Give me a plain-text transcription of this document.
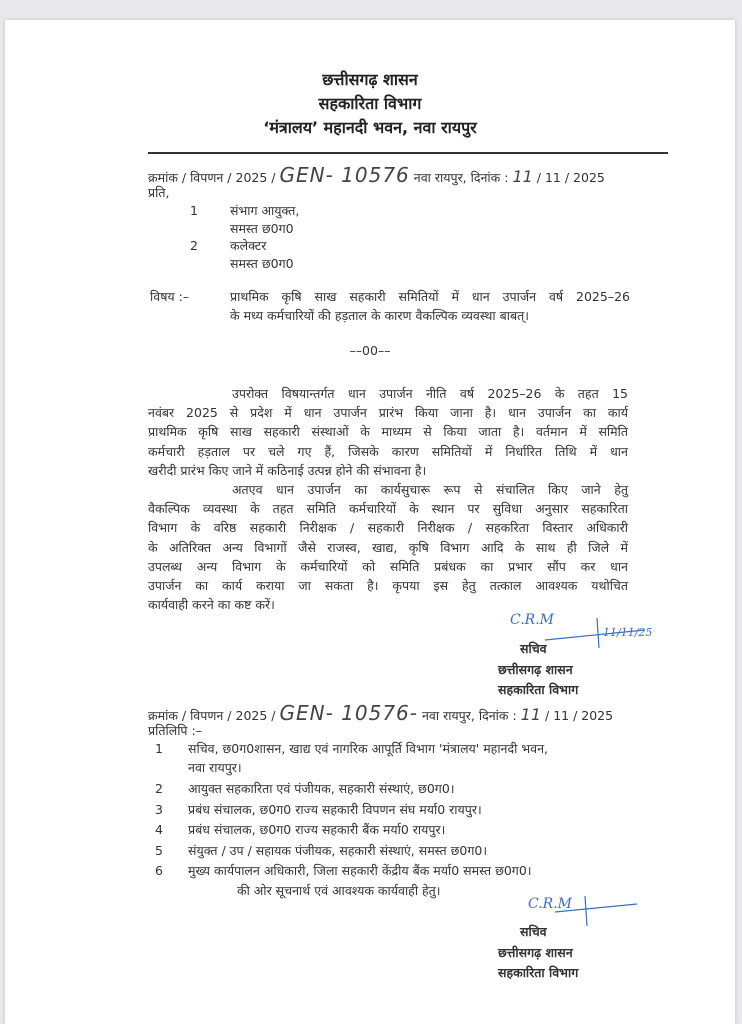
छत्तीसगढ़ शासन
सहकारिता विभाग
‘मंत्रालय’ महानदी भवन, नवा रायपुर
क्रमांक / विपणन / 2025 / GEN- 10576 नवा रायपुर, दिनांक : 11 / 11 / 2025
प्रति,
1	संभाग आयुक्त,
समस्त छ0ग0
2	कलेक्टर
समस्त छ0ग0
विषय :–	प्राथमिक कृषि साख सहकारी समितियों में धान उपार्जन वर्ष 2025–26
के मध्य कर्मचारियों की हड़ताल के कारण वैकल्पिक व्यवस्था बाबत्।
––00––
उपरोक्त विषयान्तर्गत धान उपार्जन नीति वर्ष 2025–26 के तहत 15
नवंबर 2025 से प्रदेश में धान उपार्जन प्रारंभ किया जाना है। धान उपार्जन का कार्य
प्राथमिक कृषि साख सहकारी संस्थाओं के माध्यम से किया जाता है। वर्तमान में समिति
कर्मचारी हड़ताल पर चले गए हैं, जिसके कारण समितियों में निर्धारित तिथि में धान
खरीदी प्रारंभ किए जाने में कठिनाई उत्पन्न होने की संभावना है।
अतएव धान उपार्जन का कार्यसुचारू रूप से संचालित किए जाने हेतु
वैकल्पिक व्यवस्था के तहत समिति कर्मचारियों के स्थान पर सुविधा अनुसार सहकारिता
विभाग के वरिष्ठ सहकारी निरीक्षक / सहकारी निरीक्षक / सहकरिता विस्तार अधिकारी
के अतिरिक्त अन्य विभागों जैसे राजस्व, खाद्य, कृषि विभाग आदि के साथ ही जिले में
उपलब्ध अन्य विभाग के कर्मचारियों को समिति प्रबंधक का प्रभार सौंप कर धान
उपार्जन का कार्य कराया जा सकता है। कृपया इस हेतु तत्काल आवश्यक यथोचित
कार्यवाही करने का कष्ट करें।
C.R.M
11/11/25
सचिव
छत्तीसगढ़ शासन
सहकारिता विभाग
क्रमांक / विपणन / 2025 / GEN- 10576- नवा रायपुर, दिनांक : 11 / 11 / 2025
प्रतिलिपि :–
1 सचिव, छ0ग0शासन, खाद्य एवं नागरिक आपूर्ति विभाग 'मंत्रालय' महानदी भवन,
नवा रायपुर।
2 आयुक्त सहकारिता एवं पंजीयक, सहकारी संस्थाएं, छ0ग0।
3 प्रबंध संचालक, छ0ग0 राज्य सहकारी विपणन संघ मर्या0 रायपुर।
4 प्रबंध संचालक, छ0ग0 राज्य सहकारी बैंक मर्या0 रायपुर।
5 संयुक्त / उप / सहायक पंजीयक, सहकारी संस्थाएं, समस्त छ0ग0।
6 मुख्य कार्यपालन अधिकारी, जिला सहकारी केंद्रीय बैंक मर्या0 समस्त छ0ग0।
की ओर सूचनार्थ एवं आवश्यक कार्यवाही हेतु।
C.R.M
सचिव
छत्तीसगढ़ शासन
सहकारिता विभाग
